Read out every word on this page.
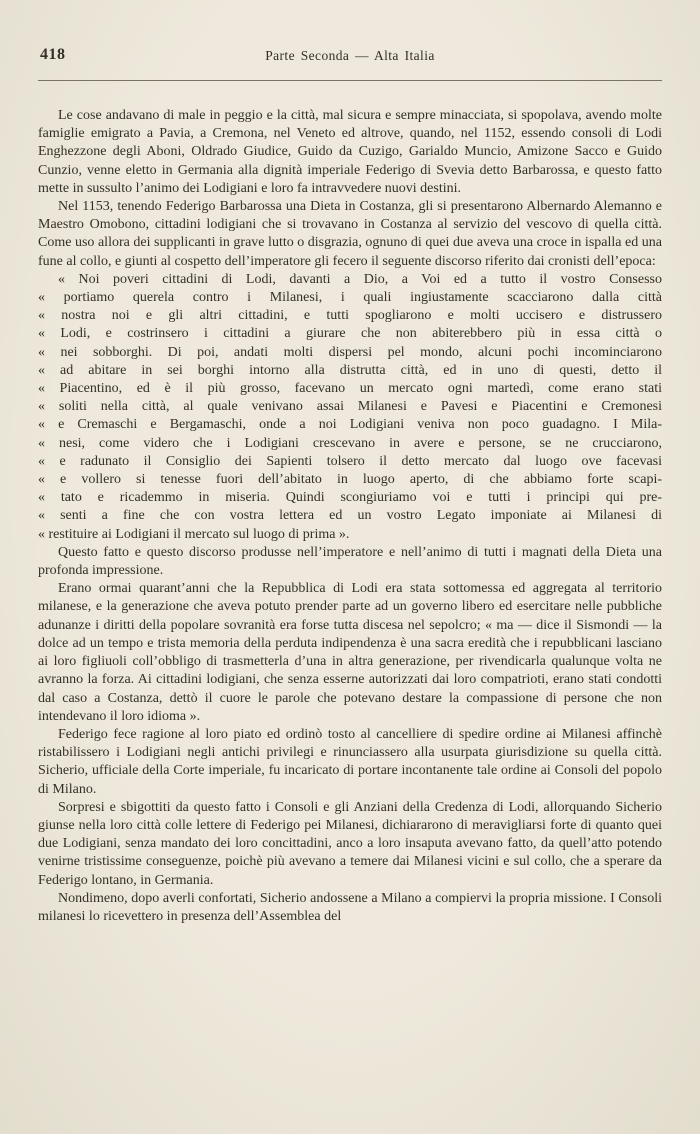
418	Parte Seconda — Alta Italia

Le cose andavano di male in peggio e la città, mal sicura e sempre minacciata, si spopolava, avendo molte famiglie emigrato a Pavia, a Cremona, nel Veneto ed altrove, quando, nel 1152, essendo consoli di Lodi Enghezzone degli Aboni, Oldrado Giudice, Guido da Cuzigo, Garialdo Muncio, Amizone Sacco e Guido Cunzio, venne eletto in Germania alla dignità imperiale Federigo di Svevia detto Barbarossa, e questo fatto mette in sussulto l’animo dei Lodigiani e loro fa intravvedere nuovi destini.

Nel 1153, tenendo Federigo Barbarossa una Dieta in Costanza, gli si presentarono Albernardo Alemanno e Maestro Omobono, cittadini lodigiani che si trovavano in Costanza al servizio del vescovo di quella città. Come uso allora dei supplicanti in grave lutto o disgrazia, ognuno di quei due aveva una croce in ispalla ed una fune al collo, e giunti al cospetto dell’imperatore gli fecero il seguente discorso riferito dai cronisti dell’epoca:

« Noi poveri cittadini di Lodi, davanti a Dio, a Voi ed a tutto il vostro Consesso
« portiamo querela contro i Milanesi, i quali ingiustamente scacciarono dalla città
« nostra noi e gli altri cittadini, e tutti spogliarono e molti uccisero e distrussero
« Lodi, e costrinsero i cittadini a giurare che non abiterebbero più in essa città o
« nei sobborghi. Di poi, andati molti dispersi pel mondo, alcuni pochi incominciarono
« ad abitare in sei borghi intorno alla distrutta città, ed in uno di questi, detto il
« Piacentino, ed è il più grosso, facevano un mercato ogni martedì, come erano stati
« soliti nella città, al quale venivano assai Milanesi e Pavesi e Piacentini e Cremonesi
« e Cremaschi e Bergamaschi, onde a noi Lodigiani veniva non poco guadagno. I Mila-
« nesi, come videro che i Lodigiani crescevano in avere e persone, se ne crucciarono,
« e radunato il Consiglio dei Sapienti tolsero il detto mercato dal luogo ove facevasi
« e vollero si tenesse fuori dell’abitato in luogo aperto, di che abbiamo forte scapi-
« tato e ricademmo in miseria. Quindi scongiuriamo voi e tutti i principi qui pre-
« senti a fine che con vostra lettera ed un vostro Legato imponiate ai Milanesi di
« restituire ai Lodigiani il mercato sul luogo di prima ».

Questo fatto e questo discorso produsse nell’imperatore e nell’animo di tutti i magnati della Dieta una profonda impressione.

Erano ormai quarant’anni che la Repubblica di Lodi era stata sottomessa ed aggregata al territorio milanese, e la generazione che aveva potuto prender parte ad un governo libero ed esercitare nelle pubbliche adunanze i diritti della popolare sovranità era forse tutta discesa nel sepolcro; « ma — dice il Sismondi — la dolce ad un tempo e trista memoria della perduta indipendenza è una sacra eredità che i repubblicani lasciano ai loro figliuoli coll’obbligo di trasmetterla d’una in altra generazione, per rivendicarla qualunque volta ne avranno la forza. Ai cittadini lodigiani, che senza esserne autorizzati dai loro compatrioti, erano stati condotti dal caso a Costanza, dettò il cuore le parole che potevano destare la compassione di persone che non intendevano il loro idioma ».

Federigo fece ragione al loro piato ed ordinò tosto al cancelliere di spedire ordine ai Milanesi affinchè ristabilissero i Lodigiani negli antichi privilegi e rinunciassero alla usurpata giurisdizione su quella città. Sicherio, ufficiale della Corte imperiale, fu incaricato di portare incontanente tale ordine ai Consoli del popolo di Milano.

Sorpresi e sbigottiti da questo fatto i Consoli e gli Anziani della Credenza di Lodi, allorquando Sicherio giunse nella loro città colle lettere di Federigo pei Milanesi, dichiararono di meravigliarsi forte di quanto quei due Lodigiani, senza mandato dei loro concittadini, anco a loro insaputa avevano fatto, da quell’atto potendo venirne tristissime conseguenze, poichè più avevano a temere dai Milanesi vicini e sul collo, che a sperare da Federigo lontano, in Germania.

Nondimeno, dopo averli confortati, Sicherio andossene a Milano a compiervi la propria missione. I Consoli milanesi lo ricevettero in presenza dell’Assemblea del
